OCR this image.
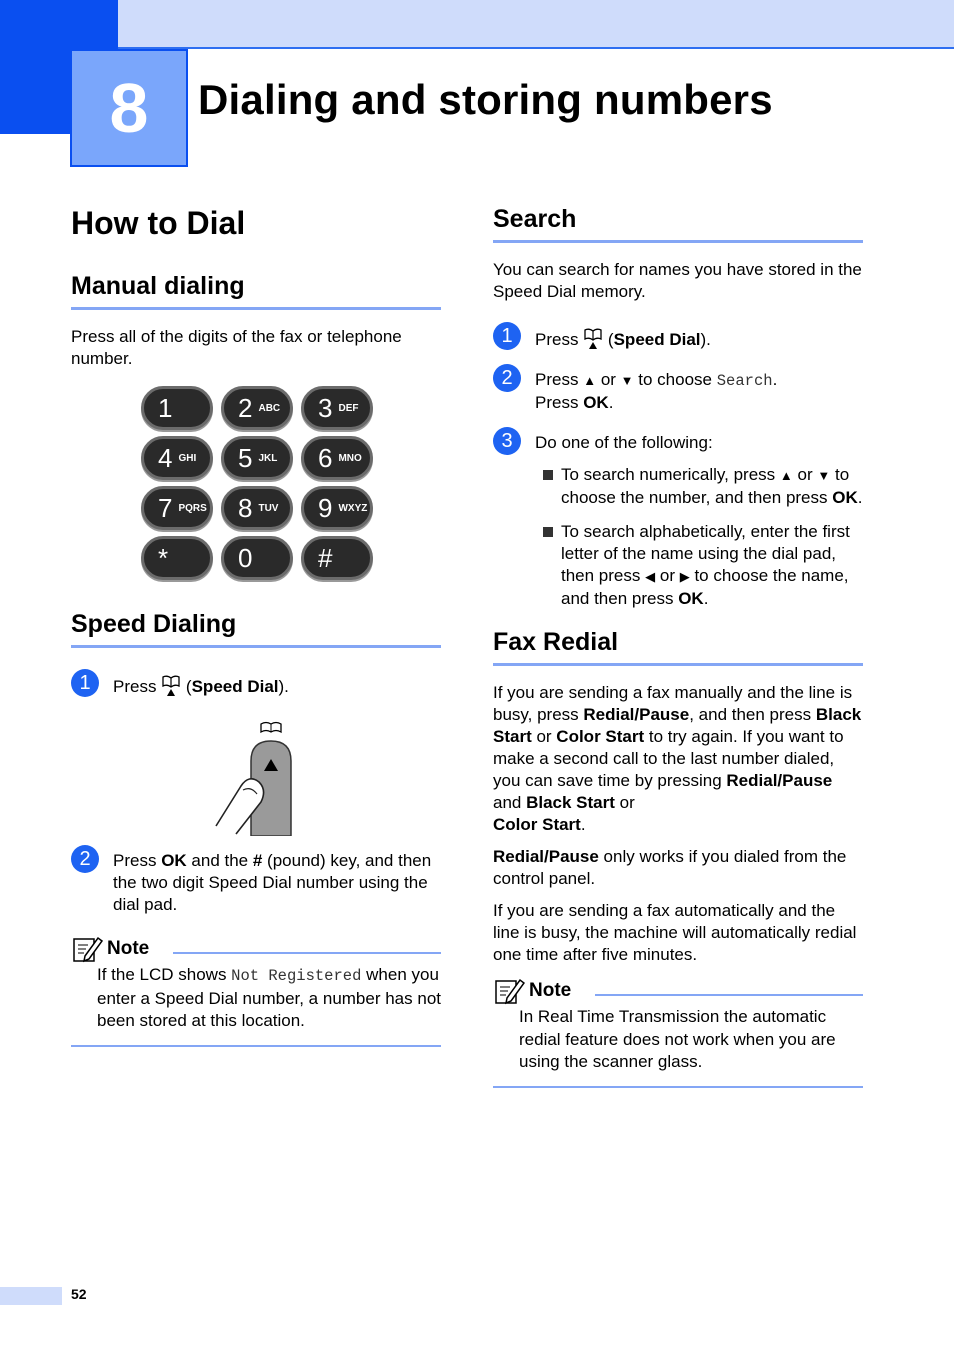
8 Dialing and storing numbers
How to Dial
Manual dialing
Press all of the digits of the fax or telephone number.
1	2 ABC 3 DEF
4 GHI 5 JKL 6 MNO
7 PQRS 8 TUV 9 WXYZ
*	0	#
Speed Dialing
1	Press  (Speed Dial).
2	Press OK and the # (pound) key, and then the two digit Speed Dial number using the dial pad.
Note
If the LCD shows Not Registered when you enter a Speed Dial number, a number has not been stored at this location.
Search
You can search for names you have stored in the Speed Dial memory.
1	Press  (Speed Dial).
2	Press ▲ or ▼ to choose Search.
Press OK.
3	Do one of the following:
To search numerically, press ▲ or ▼ to choose the number, and then press OK.
To search alphabetically, enter the first letter of the name using the dial pad, then press ◀ or ▶ to choose the name, and then press OK.
Fax Redial
If you are sending a fax manually and the line is busy, press Redial/Pause, and then press Black Start or Color Start to try again. If you want to make a second call to the last number dialed, you can save time by pressing Redial/Pause and Black Start or
Color Start.
Redial/Pause only works if you dialed from the control panel.
If you are sending a fax automatically and the line is busy, the machine will automatically redial one time after five minutes.
Note
In Real Time Transmission the automatic redial feature does not work when you are using the scanner glass.
52
